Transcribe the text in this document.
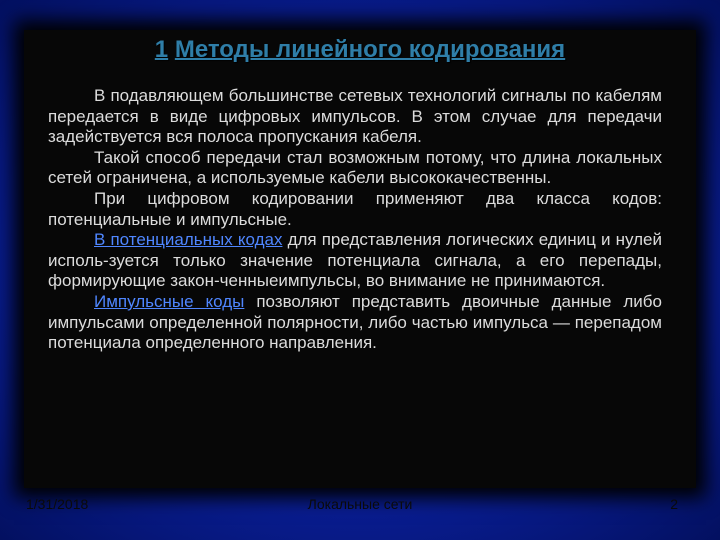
1 Методы линейного кодирования

В подавляющем большинстве сетевых технологий сигналы по кабелям передается в виде цифровых импульсов. В этом случае для передачи задействуется вся полоса пропускания кабеля.

Такой способ передачи стал возможным потому, что длина локальных сетей ограничена, а используемые кабели высококачественны.

При цифровом кодировании применяют два класса кодов: потенциальные и импульсные.

В потенциальных кодах для представления логических единиц и нулей исполь-зуется только значение потенциала сигнала, а его перепады, формирующие закон-ченныеимпульсы, во внимание не принимаются.

Импульсные коды позволяют представить двоичные данные либо импульсами определенной полярности, либо частью импульса — перепадом потенциала определенного направления.

1/31/2018	Локальные сети	2
